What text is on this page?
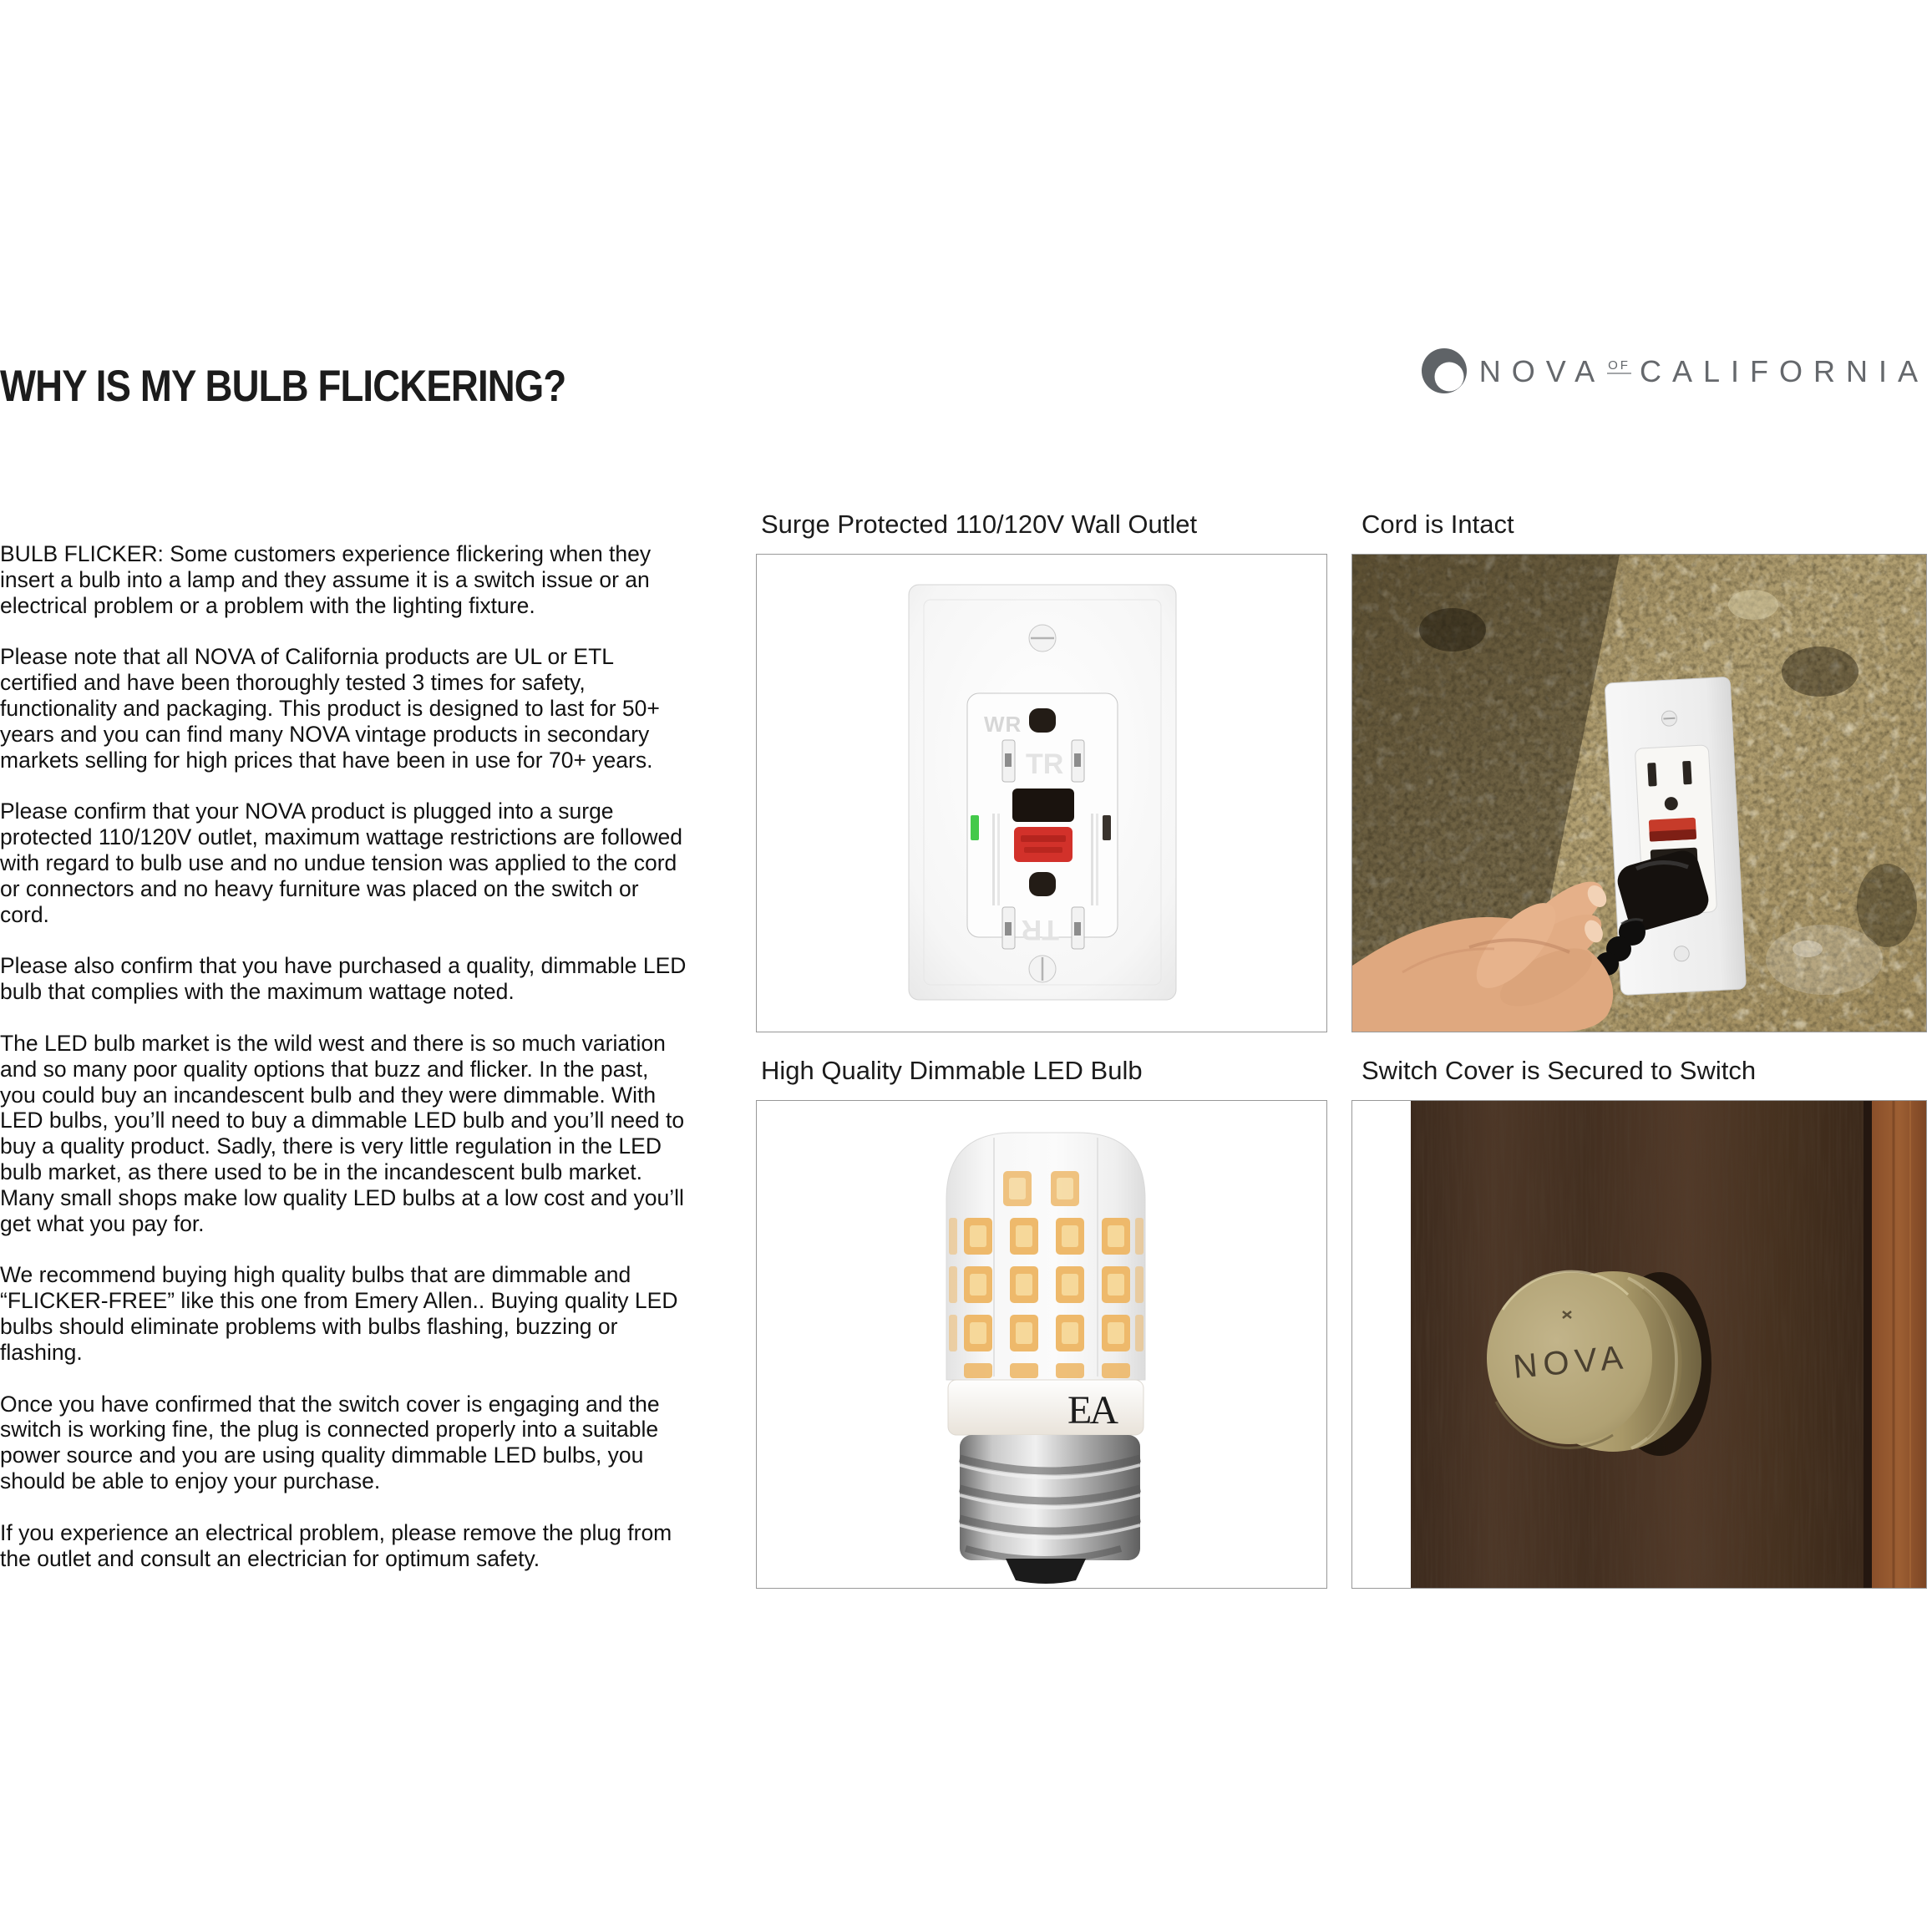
WHY IS MY BULB FLICKERING?	NOVA OF CALIFORNIA

BULB FLICKER: Some customers experience flickering when they insert a bulb into a lamp and they assume it is a switch issue or an electrical problem or a problem with the lighting fixture.

Please note that all NOVA of California products are UL or ETL certified and have been thoroughly tested 3 times for safety, functionality and packaging. This product is designed to last for 50+ years and you can find many NOVA vintage products in secondary markets selling for high prices that have been in use for 70+ years.

Please confirm that your NOVA product is plugged into a surge protected 110/120V outlet, maximum wattage restrictions are followed with regard to bulb use and no undue tension was applied to the cord or connectors and no heavy furniture was placed on the switch or cord.

Please also confirm that you have purchased a quality, dimmable LED bulb that complies with the maximum wattage noted.

The LED bulb market is the wild west and there is so much variation and so many poor quality options that buzz and flicker. In the past, you could buy an incandescent bulb and they were dimmable. With LED bulbs, you’ll need to buy a dimmable LED bulb and you’ll need to buy a quality product. Sadly, there is very little regulation in the LED bulb market, as there used to be in the incandescent bulb market. Many small shops make low quality LED bulbs at a low cost and you’ll get what you pay for.

We recommend buying high quality bulbs that are dimmable and “FLICKER-FREE” like this one from Emery Allen.. Buying quality LED bulbs should eliminate problems with bulbs flashing, buzzing or flashing.

Once you have confirmed that the switch cover is engaging and the switch is working fine, the plug is connected properly into a suitable power source and you are using quality dimmable LED bulbs, you should be able to enjoy your purchase.

If you experience an electrical problem, please remove the plug from the outlet and consult an electrician for optimum safety.

Surge Protected 110/120V Wall Outlet	Cord is Intact
High Quality Dimmable LED Bulb	Switch Cover is Secured to Switch
WR
TR
TR
EA
NOVA
